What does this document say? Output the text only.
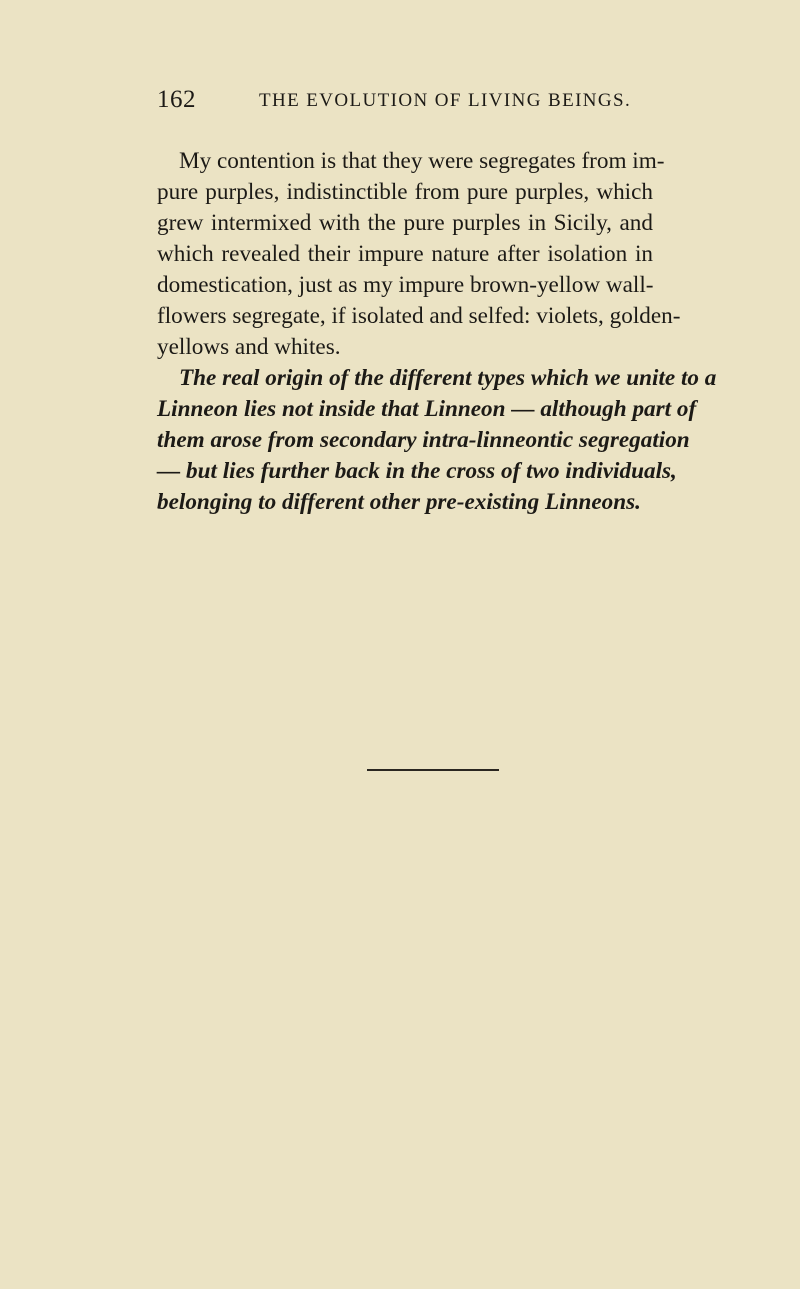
162	THE EVOLUTION OF LIVING BEINGS.
My contention is that they were segregates from im-
pure purples, indistinctible from pure purples, which
grew intermixed with the pure purples in Sicily, and
which revealed their impure nature after isolation in
domestication, just as my impure brown-yellow wall-
flowers segregate, if isolated and selfed: violets, golden-
yellows and whites.
The real origin of the different types which we unite to a
Linneon lies not inside that Linneon — although part of
them arose from secondary intra-linneontic segregation
— but lies further back in the cross of two individuals,
belonging to different other pre-existing Linneons.
